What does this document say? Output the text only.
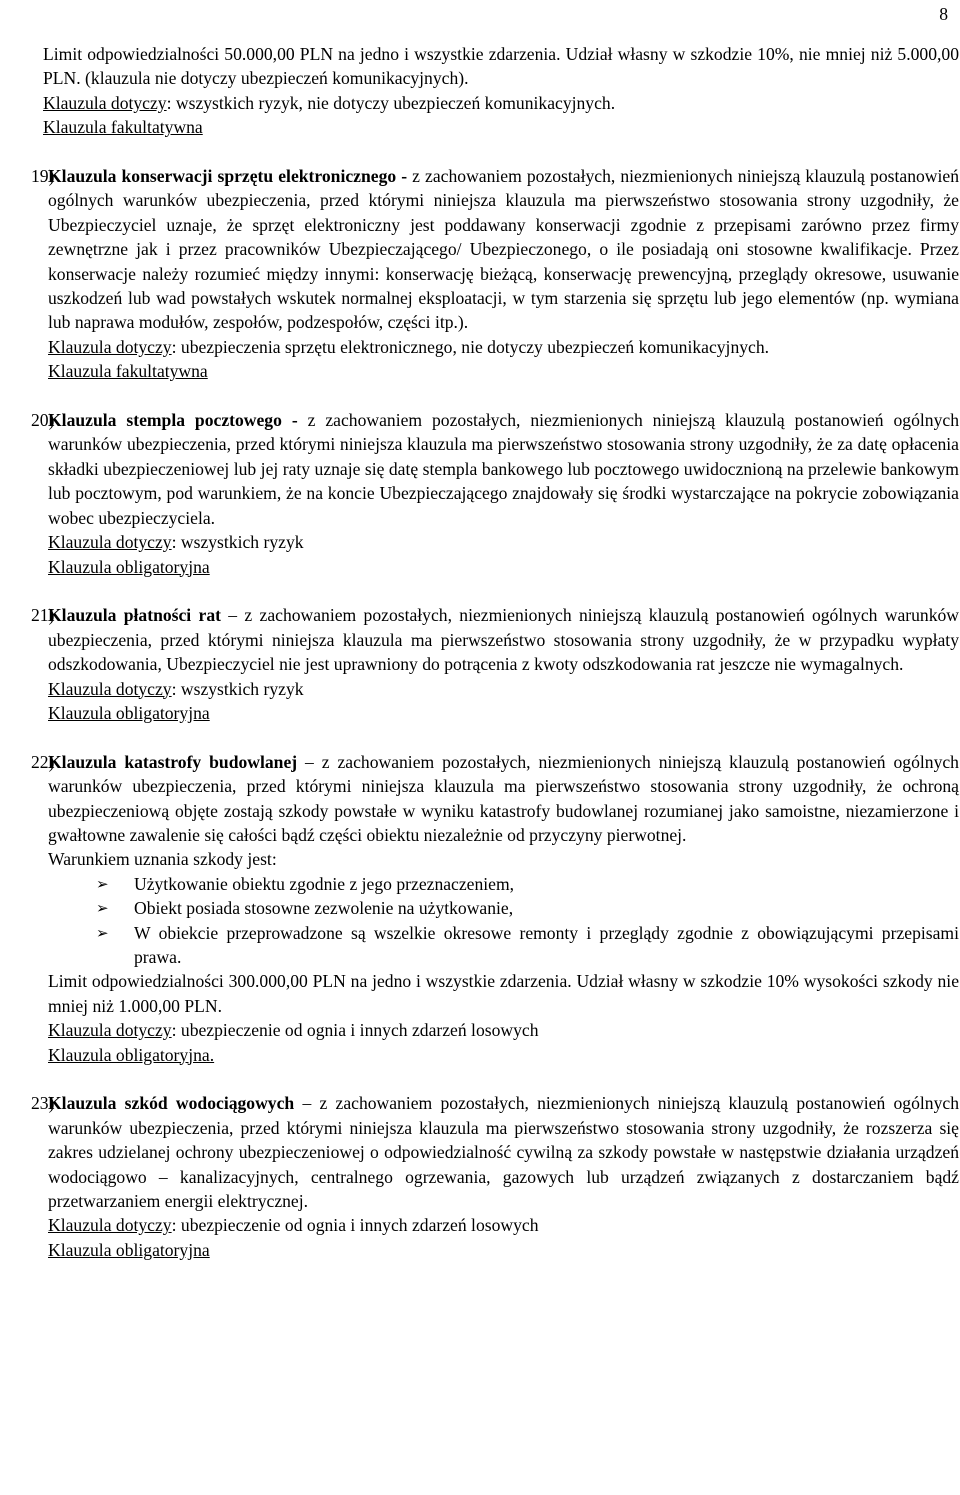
8

Limit odpowiedzialności 50.000,00 PLN na jedno i wszystkie zdarzenia. Udział własny w szkodzie 10%, nie mniej niż 5.000,00 PLN. (klauzula nie dotyczy ubezpieczeń komunikacyjnych).

Klauzula dotyczy: wszystkich ryzyk, nie dotyczy ubezpieczeń komunikacyjnych.

Klauzula fakultatywna

19)

Klauzula konserwacji sprzętu elektronicznego - z zachowaniem pozostałych, niezmienionych niniejszą klauzulą postanowień ogólnych warunków ubezpieczenia, przed którymi niniejsza klauzula ma pierwszeństwo stosowania strony uzgodniły, że Ubezpieczyciel uznaje, że sprzęt elektroniczny jest poddawany konserwacji zgodnie z przepisami zarówno przez firmy zewnętrzne jak i przez pracowników Ubezpieczającego/ Ubezpieczonego, o ile posiadają oni stosowne kwalifikacje. Przez konserwacje należy rozumieć między innymi: konserwację bieżącą, konserwację prewencyjną, przeglądy okresowe, usuwanie uszkodzeń lub wad powstałych wskutek normalnej eksploatacji, w tym starzenia się sprzętu lub jego elementów (np. wymiana lub naprawa modułów, zespołów, podzespołów, części itp.).

Klauzula dotyczy: ubezpieczenia sprzętu elektronicznego, nie dotyczy ubezpieczeń komunikacyjnych.

Klauzula fakultatywna

20)

Klauzula stempla pocztowego - z zachowaniem pozostałych, niezmienionych niniejszą klauzulą postanowień ogólnych warunków ubezpieczenia, przed którymi niniejsza klauzula ma pierwszeństwo stosowania strony uzgodniły, że za datę opłacenia składki ubezpieczeniowej lub jej raty uznaje się datę stempla bankowego lub pocztowego uwidocznioną na przelewie bankowym lub pocztowym, pod warunkiem, że na koncie Ubezpieczającego znajdowały się środki wystarczające na pokrycie zobowiązania wobec ubezpieczyciela.

Klauzula dotyczy: wszystkich ryzyk

Klauzula obligatoryjna

21)

Klauzula płatności rat – z zachowaniem pozostałych, niezmienionych niniejszą klauzulą postanowień ogólnych warunków ubezpieczenia, przed którymi niniejsza klauzula ma pierwszeństwo stosowania strony uzgodniły, że w przypadku wypłaty odszkodowania, Ubezpieczyciel nie jest uprawniony do potrącenia z kwoty odszkodowania rat jeszcze nie wymagalnych.

Klauzula dotyczy: wszystkich ryzyk

Klauzula obligatoryjna

22)

Klauzula katastrofy budowlanej – z zachowaniem pozostałych, niezmienionych niniejszą klauzulą postanowień ogólnych warunków ubezpieczenia, przed którymi niniejsza klauzula ma pierwszeństwo stosowania strony uzgodniły, że ochroną ubezpieczeniową objęte zostają szkody powstałe w wyniku katastrofy budowlanej rozumianej jako samoistne, niezamierzone i gwałtowne zawalenie się całości bądź części obiektu niezależnie od przyczyny pierwotnej.

Warunkiem uznania szkody jest:

➢	Użytkowanie obiektu zgodnie z jego przeznaczeniem,
➢	Obiekt posiada stosowne zezwolenie na użytkowanie,
➢	W obiekcie przeprowadzone są wszelkie okresowe remonty i przeglądy zgodnie z obowiązującymi przepisami prawa.

Limit odpowiedzialności 300.000,00 PLN na jedno i wszystkie zdarzenia. Udział własny w szkodzie 10% wysokości szkody nie mniej niż 1.000,00 PLN.

Klauzula dotyczy: ubezpieczenie od ognia i innych zdarzeń losowych

Klauzula obligatoryjna.

23)

Klauzula szkód wodociągowych – z zachowaniem pozostałych, niezmienionych niniejszą klauzulą postanowień ogólnych warunków ubezpieczenia, przed którymi niniejsza klauzula ma pierwszeństwo stosowania strony uzgodniły, że rozszerza się zakres udzielanej ochrony ubezpieczeniowej o odpowiedzialność cywilną za szkody powstałe w następstwie działania urządzeń wodociągowo – kanalizacyjnych, centralnego ogrzewania, gazowych lub urządzeń związanych z dostarczaniem bądź przetwarzaniem energii elektrycznej.

Klauzula dotyczy: ubezpieczenie od ognia i innych zdarzeń losowych

Klauzula obligatoryjna
